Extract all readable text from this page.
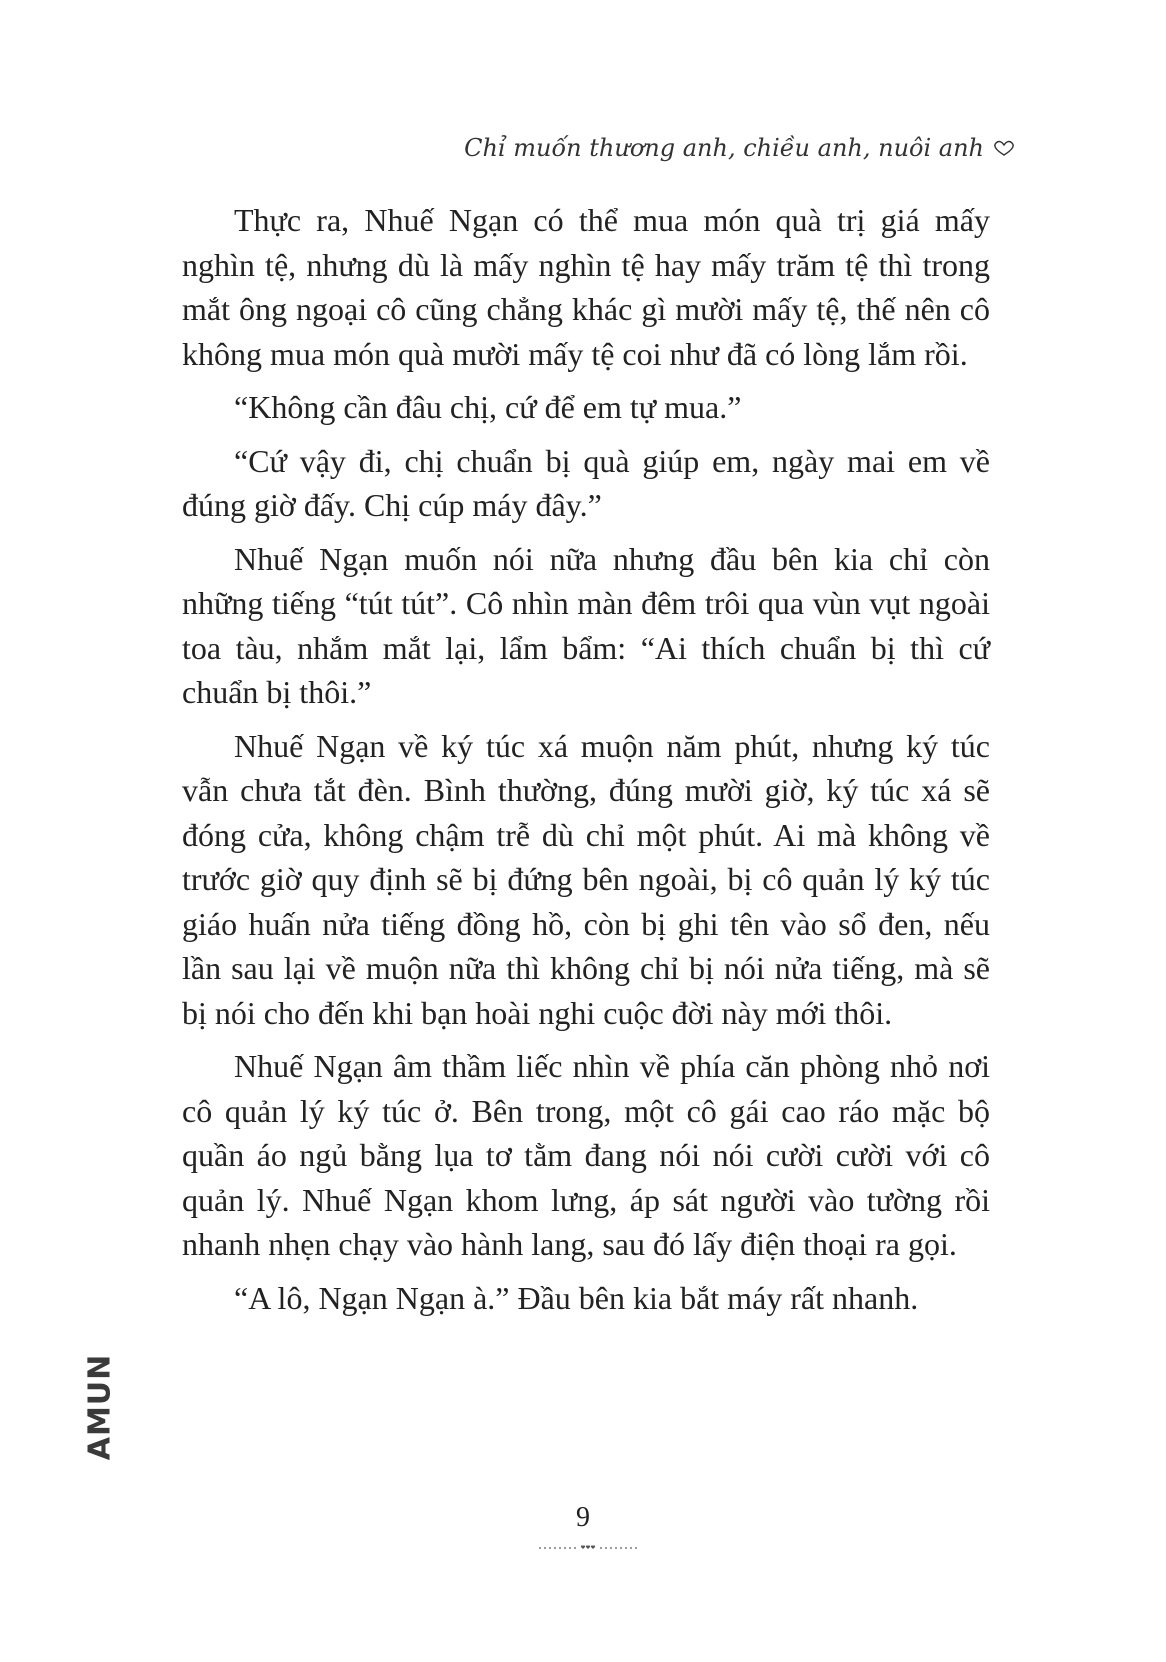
Chỉ muốn thương anh, chiều anh, nuôi anh

Thực ra, Nhuế Ngạn có thể mua món quà trị giá mấy nghìn tệ, nhưng dù là mấy nghìn tệ hay mấy trăm tệ thì trong mắt ông ngoại cô cũng chẳng khác gì mười mấy tệ, thế nên cô không mua món quà mười mấy tệ coi như đã có lòng lắm rồi.

“Không cần đâu chị, cứ để em tự mua.”

“Cứ vậy đi, chị chuẩn bị quà giúp em, ngày mai em về đúng giờ đấy. Chị cúp máy đây.”

Nhuế Ngạn muốn nói nữa nhưng đầu bên kia chỉ còn những tiếng “tút tút”. Cô nhìn màn đêm trôi qua vùn vụt ngoài toa tàu, nhắm mắt lại, lẩm bẩm: “Ai thích chuẩn bị thì cứ chuẩn bị thôi.”

Nhuế Ngạn về ký túc xá muộn năm phút, nhưng ký túc vẫn chưa tắt đèn. Bình thường, đúng mười giờ, ký túc xá sẽ đóng cửa, không chậm trễ dù chỉ một phút. Ai mà không về trước giờ quy định sẽ bị đứng bên ngoài, bị cô quản lý ký túc giáo huấn nửa tiếng đồng hồ, còn bị ghi tên vào sổ đen, nếu lần sau lại về muộn nữa thì không chỉ bị nói nửa tiếng, mà sẽ bị nói cho đến khi bạn hoài nghi cuộc đời này mới thôi.

Nhuế Ngạn âm thầm liếc nhìn về phía căn phòng nhỏ nơi cô quản lý ký túc ở. Bên trong, một cô gái cao ráo mặc bộ quần áo ngủ bằng lụa tơ tằm đang nói nói cười cười với cô quản lý. Nhuế Ngạn khom lưng, áp sát người vào tường rồi nhanh nhẹn chạy vào hành lang, sau đó lấy điện thoại ra gọi.

“A lô, Ngạn Ngạn à.” Đầu bên kia bắt máy rất nhanh.

AMUN
9
